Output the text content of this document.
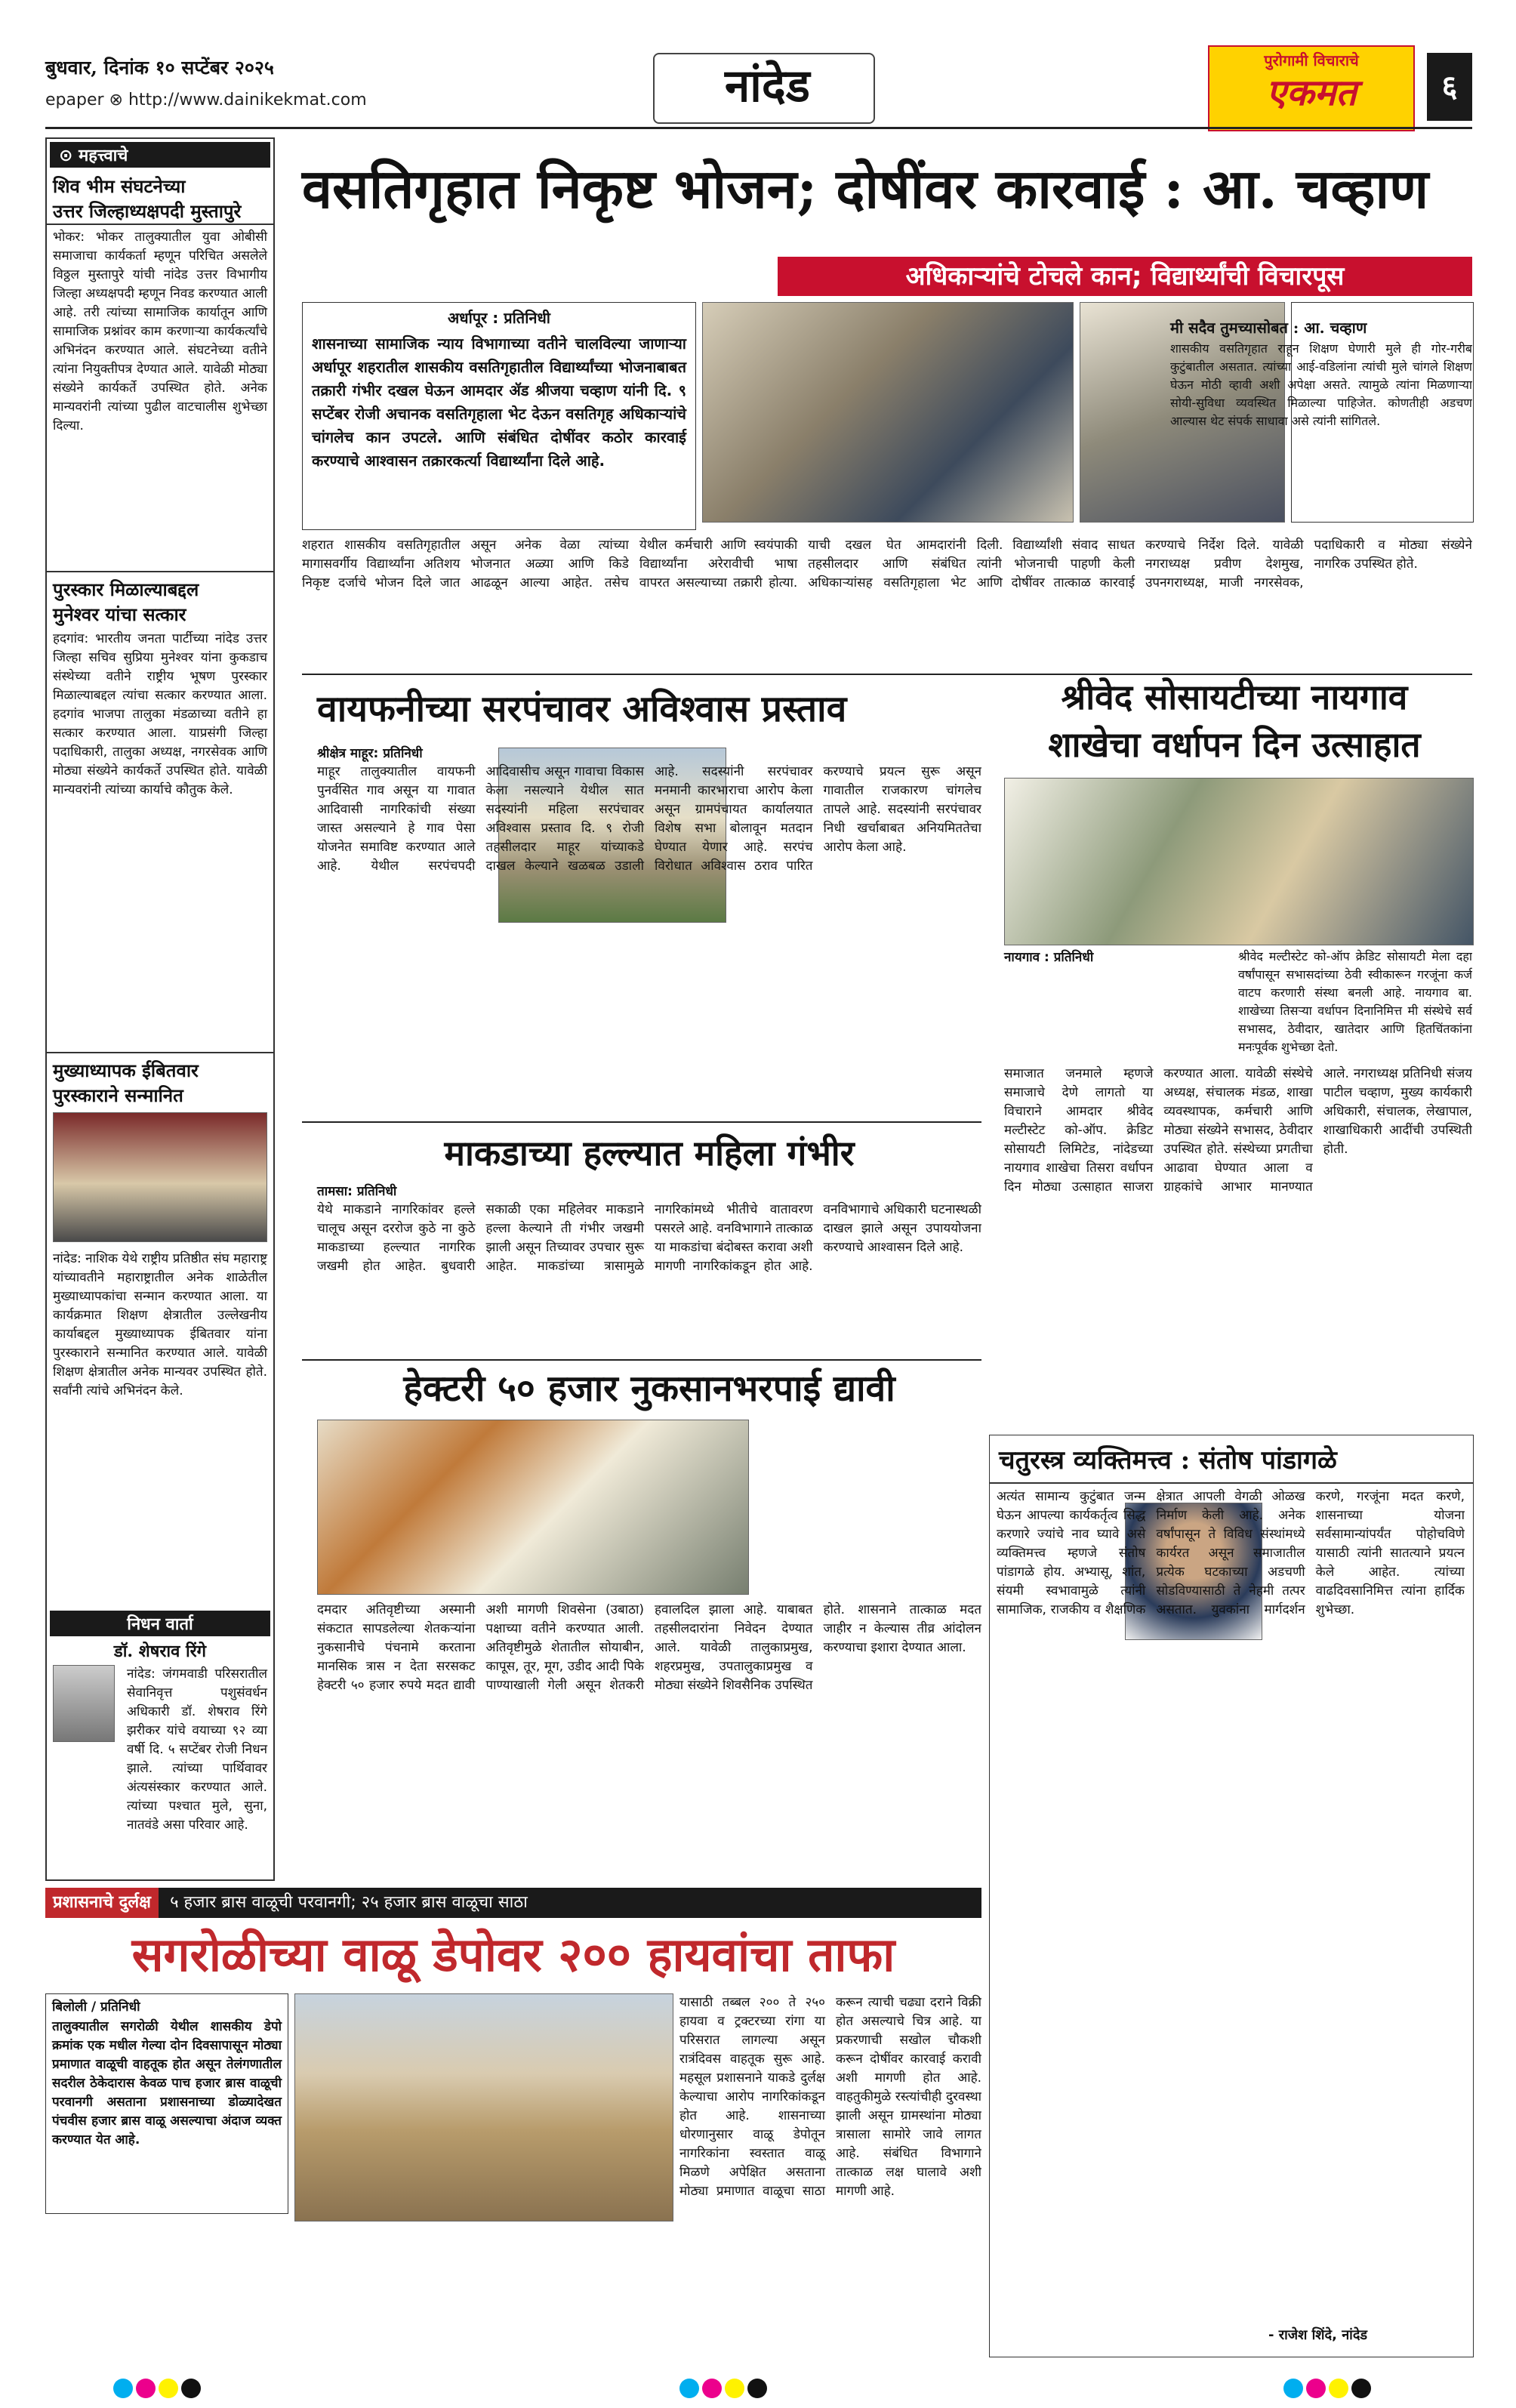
बुधवार, दिनांक १० सप्टेंबर २०२५
epaper ⊗ http://www.dainikekmat.com	नांदेड	पुरोगामी विचाराचे
एकमत	६
⊙ महत्त्वाचे
शिव भीम संघटनेच्या
उत्तर जिल्हाध्यक्षपदी मुस्तापुरे
भोकर: भोकर तालुक्यातील युवा ओबीसी समाजाचा कार्यकर्ता म्हणून परिचित असलेले विठ्ठल मुस्तापुरे यांची नांदेड उत्तर विभागीय जिल्हा अध्यक्षपदी म्हणून निवड करण्यात आली आहे. तरी त्यांच्या सामाजिक कार्यातून आणि सामाजिक प्रश्नांवर काम करणाऱ्या कार्यकर्त्यांचे अभिनंदन करण्यात आले. संघटनेच्या वतीने त्यांना नियुक्तीपत्र देण्यात आले. यावेळी मोठ्या संख्येने कार्यकर्ते उपस्थित होते. अनेक मान्यवरांनी त्यांच्या पुढील वाटचालीस शुभेच्छा दिल्या.
पुरस्कार मिळाल्याबद्दल
मुनेश्वर यांचा सत्कार
हदगांव: भारतीय जनता पार्टीच्या नांदेड उत्तर जिल्हा सचिव सुप्रिया मुनेश्वर यांना कुकडाच संस्थेच्या वतीने राष्ट्रीय भूषण पुरस्कार मिळाल्याबद्दल त्यांचा सत्कार करण्यात आला. हदगांव भाजपा तालुका मंडळाच्या वतीने हा सत्कार करण्यात आला. याप्रसंगी जिल्हा पदाधिकारी, तालुका अध्यक्ष, नगरसेवक आणि मोठ्या संख्येने कार्यकर्ते उपस्थित होते. यावेळी मान्यवरांनी त्यांच्या कार्याचे कौतुक केले.
मुख्याध्यापक ईबितवार
पुरस्काराने सन्मानित
नांदेड: नाशिक येथे राष्ट्रीय प्रतिष्ठीत संघ महाराष्ट्र यांच्यावतीने महाराष्ट्रातील अनेक शाळेतील मुख्याध्यापकांचा सन्मान करण्यात आला. या कार्यक्रमात शिक्षण क्षेत्रातील उल्लेखनीय कार्याबद्दल मुख्याध्यापक ईबितवार यांना पुरस्काराने सन्मानित करण्यात आले. यावेळी शिक्षण क्षेत्रातील अनेक मान्यवर उपस्थित होते. सर्वांनी त्यांचे अभिनंदन केले.
निधन वार्ता
डॉ. शेषराव रिंगे
नांदेड: जंगमवाडी परिसरातील सेवानिवृत्त पशुसंवर्धन अधिकारी डॉ. शेषराव रिंगे झरीकर यांचे वयाच्या ९२ व्या वर्षी दि. ५ सप्टेंबर रोजी निधन झाले. त्यांच्या पार्थिवावर अंत्यसंस्कार करण्यात आले. त्यांच्या पश्चात मुले, सुना, नातवंडे असा परिवार आहे.
वसतिगृहात निकृष्ट भोजन; दोषींवर कारवाई : आ. चव्हाण
अधिकाऱ्यांचे टोचले कान; विद्यार्थ्यांची विचारपूस
अर्धापूर : प्रतिनिधी
शासनाच्या सामाजिक न्याय विभागाच्या वतीने चालविल्या जाणाऱ्या अर्धापूर शहरातील शासकीय वसतिगृहातील विद्यार्थ्यांच्या भोजनाबाबत तक्रारी गंभीर दखल घेऊन आमदार ॲड श्रीजया चव्हाण यांनी दि. ९ सप्टेंबर रोजी अचानक वसतिगृहाला भेट देऊन वसतिगृह अधिकाऱ्यांचे चांगलेच कान उपटले. आणि संबंधित दोषींवर कठोर कारवाई करण्याचे आश्वासन तक्रारकर्त्या विद्यार्थ्यांना दिले आहे.
मी सदैव तुमच्यासोबत : आ. चव्हाण
शासकीय वसतिगृहात राहून शिक्षण घेणारी मुले ही गोर-गरीब कुटुंबातील असतात. त्यांच्या आई-वडिलांना त्यांची मुले चांगले शिक्षण घेऊन मोठी व्हावी अशी अपेक्षा असते. त्यामुळे त्यांना मिळणाऱ्या सोयी-सुविधा व्यवस्थित मिळाल्या पाहिजेत. कोणतीही अडचण आल्यास थेट संपर्क साधावा असे त्यांनी सांगितले.
शहरात शासकीय वसतिगृहातील मागासवर्गीय विद्यार्थ्यांना अतिशय निकृष्ट दर्जाचे भोजन दिले जात असून अनेक वेळा त्यांच्या भोजनात अळ्या आणि किडे आढळून आल्या आहेत. तसेच येथील कर्मचारी आणि स्वयंपाकी विद्यार्थ्यांना अरेरावीची भाषा वापरत असल्याच्या तक्रारी होत्या. याची दखल घेत आमदारांनी तहसीलदार आणि संबंधित अधिकाऱ्यांसह वसतिगृहाला भेट दिली. विद्यार्थ्यांशी संवाद साधत त्यांनी भोजनाची पाहणी केली आणि दोषींवर तात्काळ कारवाई करण्याचे निर्देश दिले. यावेळी नगराध्यक्ष प्रवीण देशमुख, उपनगराध्यक्ष, माजी नगरसेवक, पदाधिकारी व मोठ्या संख्येने नागरिक उपस्थित होते.
वायफनीच्या सरपंचावर अविश्वास प्रस्ताव
श्रीक्षेत्र माहूर: प्रतिनिधी
माहूर तालुक्यातील वायफनी पुनर्वसित गाव असून या गावात आदिवासी नागरिकांची संख्या जास्त असल्याने हे गाव पेसा योजनेत समाविष्ट करण्यात आले आहे. येथील सरपंचपदी आदिवासीच असून गावाचा विकास केला नसल्याने येथील सात सदस्यांनी महिला सरपंचावर अविश्वास प्रस्ताव दि. ९ रोजी तहसीलदार माहूर यांच्याकडे दाखल केल्याने खळबळ उडाली आहे. सदस्यांनी सरपंचावर मनमानी कारभाराचा आरोप केला असून ग्रामपंचायत कार्यालयात विशेष सभा बोलावून मतदान घेण्यात येणार आहे. सरपंच विरोधात अविश्वास ठराव पारित करण्याचे प्रयत्न सुरू असून गावातील राजकारण चांगलेच तापले आहे. सदस्यांनी सरपंचावर निधी खर्चाबाबत अनियमिततेचा आरोप केला आहे.
श्रीवेद सोसायटीच्या नायगाव
शाखेचा वर्धापन दिन उत्साहात
श्रीवेद मल्टीस्टेट को-ऑप क्रेडिट सोसायटी मेला दहा वर्षांपासून सभासदांच्या ठेवी स्वीकारून गरजूंना कर्ज वाटप करणारी संस्था बनली आहे. नायगाव बा. शाखेच्या तिसऱ्या वर्धापन दिनानिमित्त मी संस्थेचे सर्व सभासद, ठेवीदार, खातेदार आणि हितचिंतकांना मनःपूर्वक शुभेच्छा देतो.
नायगाव : प्रतिनिधी
समाजात जनमाले म्हणजे समाजाचे देणे लागतो या विचाराने आमदार श्रीवेद मल्टीस्टेट को-ऑप. क्रेडिट सोसायटी लिमिटेड, नांदेडच्या नायगाव शाखेचा तिसरा वर्धापन दिन मोठ्या उत्साहात साजरा करण्यात आला. यावेळी संस्थेचे अध्यक्ष, संचालक मंडळ, शाखा व्यवस्थापक, कर्मचारी आणि मोठ्या संख्येने सभासद, ठेवीदार उपस्थित होते. संस्थेच्या प्रगतीचा आढावा घेण्यात आला व ग्राहकांचे आभार मानण्यात आले. नगराध्यक्ष प्रतिनिधी संजय पाटील चव्हाण, मुख्य कार्यकारी अधिकारी, संचालक, लेखापाल, शाखाधिकारी आदींची उपस्थिती होती.
माकडाच्या हल्ल्यात महिला गंभीर
तामसा: प्रतिनिधी
येथे माकडाने नागरिकांवर हल्ले चालूच असून दररोज कुठे ना कुठे माकडाच्या हल्ल्यात नागरिक जखमी होत आहेत. बुधवारी सकाळी एका महिलेवर माकडाने हल्ला केल्याने ती गंभीर जखमी झाली असून तिच्यावर उपचार सुरू आहेत. माकडांच्या त्रासामुळे नागरिकांमध्ये भीतीचे वातावरण पसरले आहे. वनविभागाने तात्काळ या माकडांचा बंदोबस्त करावा अशी मागणी नागरिकांकडून होत आहे. वनविभागाचे अधिकारी घटनास्थळी दाखल झाले असून उपाययोजना करण्याचे आश्वासन दिले आहे.
हेक्टरी ५० हजार नुकसानभरपाई द्यावी
दमदार अतिवृष्टीच्या अस्मानी संकटात सापडलेल्या शेतकऱ्यांना नुकसानीचे पंचनामे करताना मानसिक त्रास न देता सरसकट हेक्टरी ५० हजार रुपये मदत द्यावी अशी मागणी शिवसेना (उबाठा) पक्षाच्या वतीने करण्यात आली. अतिवृष्टीमुळे शेतातील सोयाबीन, कापूस, तूर, मूग, उडीद आदी पिके पाण्याखाली गेली असून शेतकरी हवालदिल झाला आहे. याबाबत तहसीलदारांना निवेदन देण्यात आले. यावेळी तालुकाप्रमुख, शहरप्रमुख, उपतालुकाप्रमुख व मोठ्या संख्येने शिवसैनिक उपस्थित होते. शासनाने तात्काळ मदत जाहीर न केल्यास तीव्र आंदोलन करण्याचा इशारा देण्यात आला.
चतुरस्त्र व्यक्तिमत्त्व : संतोष पांडागळे
अत्यंत सामान्य कुटुंबात जन्म घेऊन आपल्या कार्यकर्तृत्व सिद्ध करणारे ज्यांचे नाव घ्यावे असे व्यक्तिमत्त्व म्हणजे संतोष पांडागळे होय. अभ्यासू, शांत, संयमी स्वभावामुळे त्यांनी सामाजिक, राजकीय व शैक्षणिक क्षेत्रात आपली वेगळी ओळख निर्माण केली आहे. अनेक वर्षांपासून ते विविध संस्थांमध्ये कार्यरत असून समाजातील प्रत्येक घटकाच्या अडचणी सोडविण्यासाठी ते नेहमी तत्पर असतात. युवकांना मार्गदर्शन करणे, गरजूंना मदत करणे, शासनाच्या योजना सर्वसामान्यांपर्यंत पोहोचविणे यासाठी त्यांनी सातत्याने प्रयत्न केले आहेत. त्यांच्या वाढदिवसानिमित्त त्यांना हार्दिक शुभेच्छा.
- राजेश शिंदे, नांदेड
प्रशासनाचे दुर्लक्ष ५ हजार ब्रास वाळूची परवानगी; २५ हजार ब्रास वाळूचा साठा
सगरोळीच्या वाळू डेपोवर २०० हायवांचा ताफा
बिलोली / प्रतिनिधी
तालुक्यातील सगरोळी येथील शासकीय डेपो क्रमांक एक मधील गेल्या दोन दिवसापासून मोठ्या प्रमाणात वाळूची वाहतूक होत असून तेलंगणातील सदरील ठेकेदारास केवळ पाच हजार ब्रास वाळूची परवानगी असताना प्रशासनाच्या डोळ्यादेखत पंचवीस हजार ब्रास वाळू असल्याचा अंदाज व्यक्त करण्यात येत आहे.
यासाठी तब्बल २०० ते २५० हायवा व ट्रक्टरच्या रांगा या परिसरात लागल्या असून रात्रंदिवस वाहतूक सुरू आहे. महसूल प्रशासनाने याकडे दुर्लक्ष केल्याचा आरोप नागरिकांकडून होत आहे. शासनाच्या धोरणानुसार वाळू डेपोतून नागरिकांना स्वस्तात वाळू मिळणे अपेक्षित असताना मोठ्या प्रमाणात वाळूचा साठा करून त्याची चढ्या दराने विक्री होत असल्याचे चित्र आहे. या प्रकरणाची सखोल चौकशी करून दोषींवर कारवाई करावी अशी मागणी होत आहे. वाहतुकीमुळे रस्त्यांचीही दुरवस्था झाली असून ग्रामस्थांना मोठ्या त्रासाला सामोरे जावे लागत आहे. संबंधित विभागाने तात्काळ लक्ष घालावे अशी मागणी आहे.
